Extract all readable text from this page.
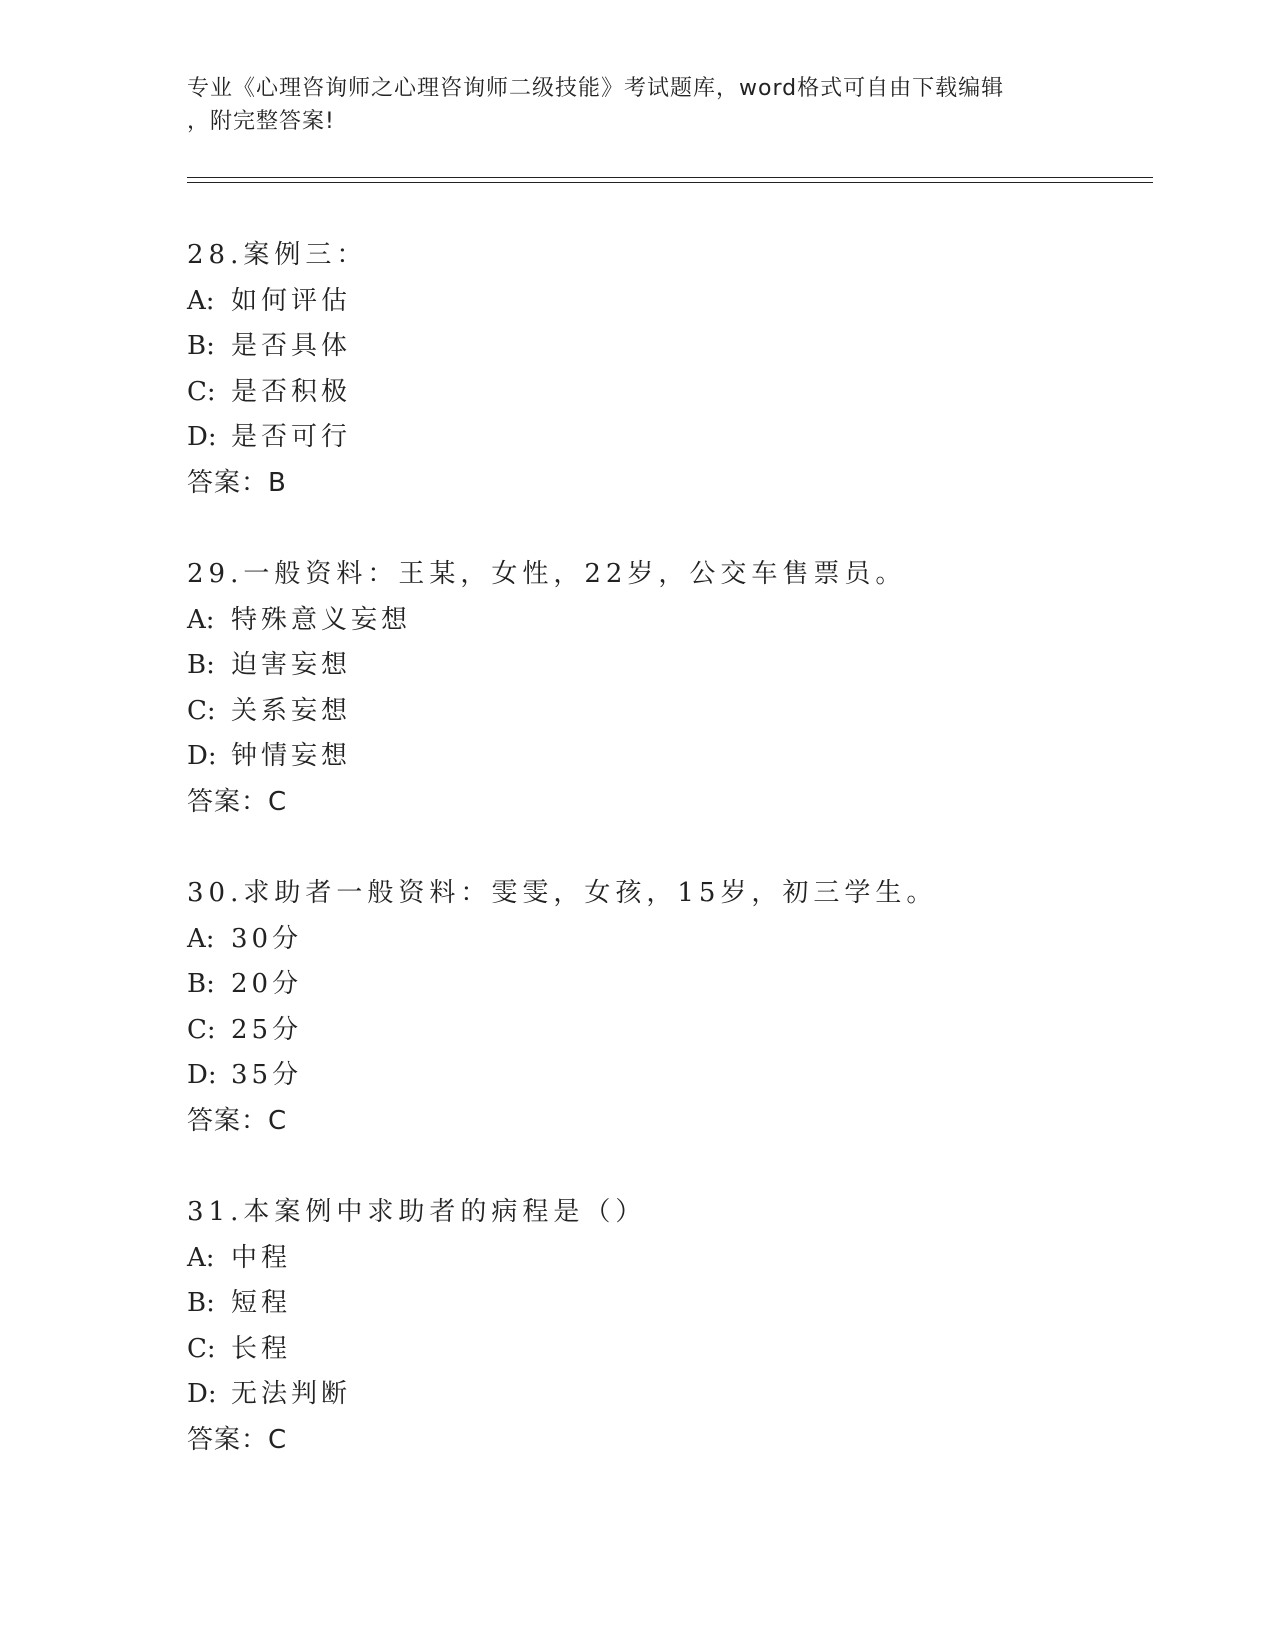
专业《心理咨询师之心理咨询师二级技能》考试题库，word格式可自由下载编辑
，附完整答案!
28.案例三：
A: 如何评估
B: 是否具体
C: 是否积极
D: 是否可行
答案：B
29.一般资料：王某，女性，22岁，公交车售票员。
A: 特殊意义妄想
B: 迫害妄想
C: 关系妄想
D: 钟情妄想
答案：C
30.求助者一般资料：雯雯，女孩，15岁，初三学生。
A: 30分
B: 20分
C: 25分
D: 35分
答案：C
31.本案例中求助者的病程是（）
A: 中程
B: 短程
C: 长程
D: 无法判断
答案：C
